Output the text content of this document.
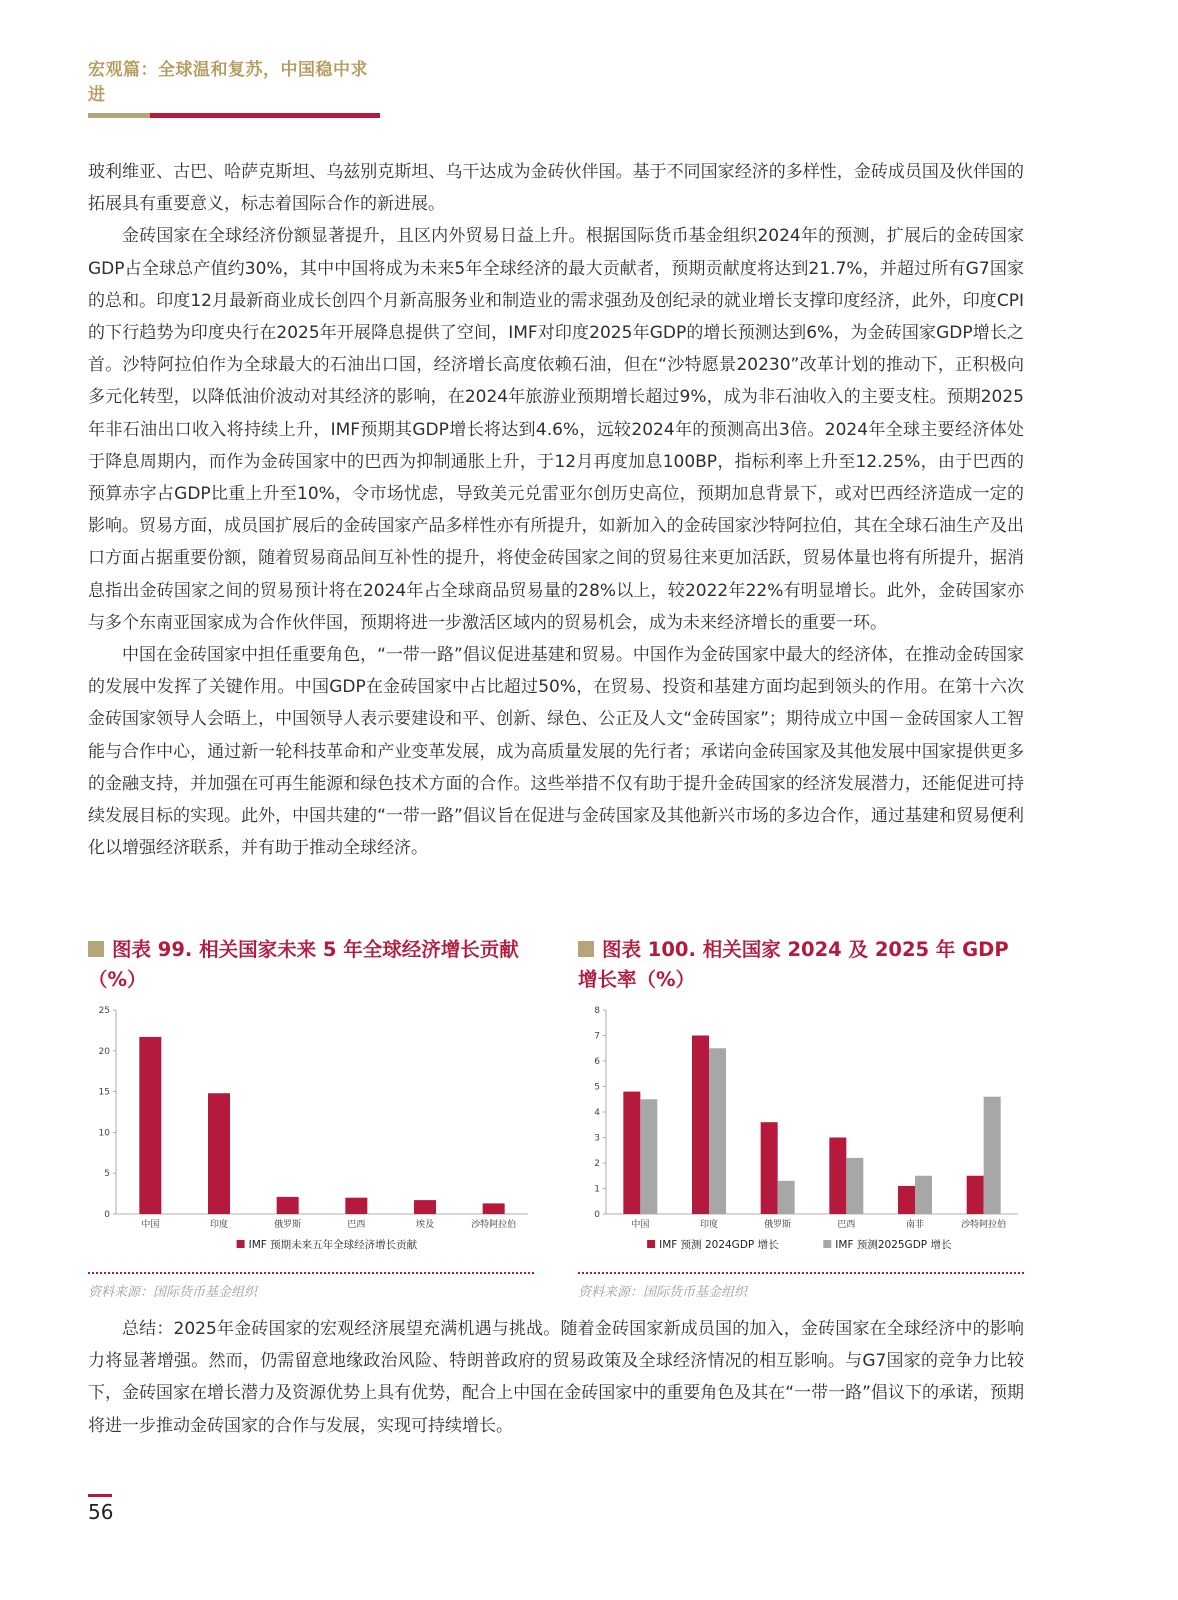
宏观篇：全球温和复苏，中国稳中求进

玻利维亚、古巴、哈萨克斯坦、乌兹别克斯坦、乌干达成为金砖伙伴国。基于不同国家经济的多样性，金砖成员国及伙伴国的拓展具有重要意义，标志着国际合作的新进展。

金砖国家在全球经济份额显著提升，且区内外贸易日益上升。根据国际货币基金组织2024年的预测，扩展后的金砖国家GDP占全球总产值约30%，其中中国将成为未来5年全球经济的最大贡献者，预期贡献度将达到21.7%，并超过所有G7国家的总和。印度12月最新商业成长创四个月新高服务业和制造业的需求强劲及创纪录的就业增长支撑印度经济，此外，印度CPI的下行趋势为印度央行在2025年开展降息提供了空间，IMF对印度2025年GDP的增长预测达到6%，为金砖国家GDP增长之首。沙特阿拉伯作为全球最大的石油出口国，经济增长高度依赖石油，但在“沙特愿景20230”改革计划的推动下，正积极向多元化转型，以降低油价波动对其经济的影响，在2024年旅游业预期增长超过9%，成为非石油收入的主要支柱。预期2025年非石油出口收入将持续上升，IMF预期其GDP增长将达到4.6%，远较2024年的预测高出3倍。2024年全球主要经济体处于降息周期内，而作为金砖国家中的巴西为抑制通胀上升，于12月再度加息100BP，指标利率上升至12.25%，由于巴西的预算赤字占GDP比重上升至10%，令市场忧虑，导致美元兑雷亚尔创历史高位，预期加息背景下，或对巴西经济造成一定的影响。贸易方面，成员国扩展后的金砖国家产品多样性亦有所提升，如新加入的金砖国家沙特阿拉伯，其在全球石油生产及出口方面占据重要份额，随着贸易商品间互补性的提升，将使金砖国家之间的贸易往来更加活跃，贸易体量也将有所提升，据消息指出金砖国家之间的贸易预计将在2024年占全球商品贸易量的28%以上，较2022年22%有明显增长。此外，金砖国家亦与多个东南亚国家成为合作伙伴国，预期将进一步激活区域内的贸易机会，成为未来经济增长的重要一环。

中国在金砖国家中担任重要角色，“一带一路”倡议促进基建和贸易。中国作为金砖国家中最大的经济体，在推动金砖国家的发展中发挥了关键作用。中国GDP在金砖国家中占比超过50%，在贸易、投资和基建方面均起到领头的作用。在第十六次金砖国家领导人会晤上，中国领导人表示要建设和平、创新、绿色、公正及人文“金砖国家”；期待成立中国－金砖国家人工智能与合作中心，通过新一轮科技革命和产业变革发展，成为高质量发展的先行者；承诺向金砖国家及其他发展中国家提供更多的金融支持，并加强在可再生能源和绿色技术方面的合作。这些举措不仅有助于提升金砖国家的经济发展潜力，还能促进可持续发展目标的实现。此外，中国共建的“一带一路”倡议旨在促进与金砖国家及其他新兴市场的多边合作，通过基建和贸易便利化以增强经济联系，并有助于推动全球经济。

图表 99. 相关国家未来 5 年全球经济增长贡献（%）
图表 100. 相关国家 2024 及 2025 年 GDP 增长率（%）
0
5
10
15
20
25
中国	印度	俄罗斯	巴西	埃及	沙特阿拉伯
IMF 预期未来五年全球经济增长贡献
0
1
2
3
4
5
6
7
8
中国	印度	俄罗斯	巴西	南非	沙特阿拉伯
IMF 预测 2024GDP 增长	IMF 预测2025GDP 增长
资料来源：国际货币基金组织	资料来源：国际货币基金组织

总结：2025年金砖国家的宏观经济展望充满机遇与挑战。随着金砖国家新成员国的加入，金砖国家在全球经济中的影响力将显著增强。然而，仍需留意地缘政治风险、特朗普政府的贸易政策及全球经济情况的相互影响。与G7国家的竞争力比较下，金砖国家在增长潜力及资源优势上具有优势，配合上中国在金砖国家中的重要角色及其在“一带一路”倡议下的承诺，预期将进一步推动金砖国家的合作与发展，实现可持续增长。

56
